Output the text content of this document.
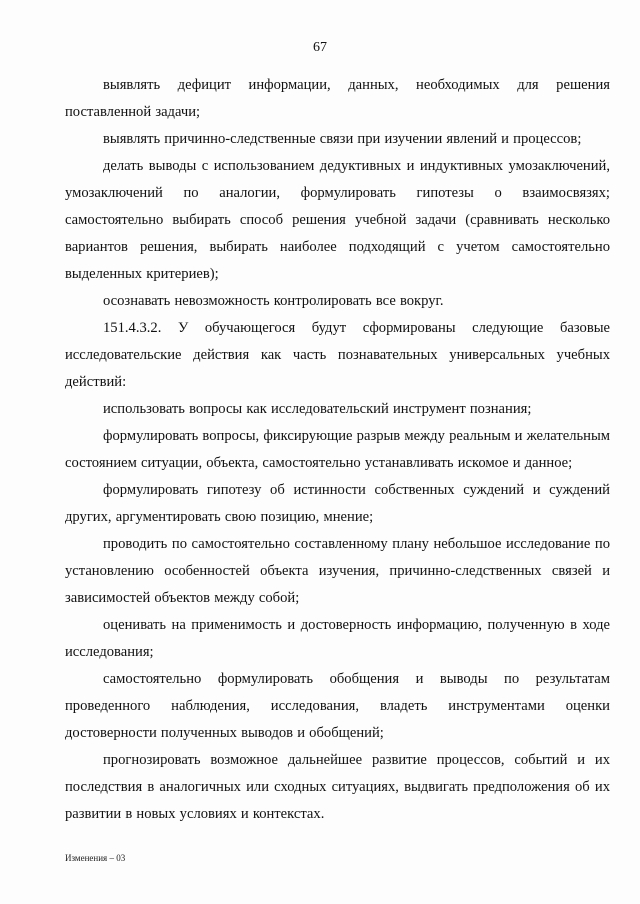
67

выявлять дефицит информации, данных, необходимых для решения поставленной задачи;

выявлять причинно-следственные связи при изучении явлений и процессов;

делать выводы с использованием дедуктивных и индуктивных умозаключений, умозаключений по аналогии, формулировать гипотезы о взаимосвязях; самостоятельно выбирать способ решения учебной задачи (сравнивать несколько вариантов решения, выбирать наиболее подходящий с учетом самостоятельно выделенных критериев);

осознавать невозможность контролировать все вокруг.

151.4.3.2. У обучающегося будут сформированы следующие базовые исследовательские действия как часть познавательных универсальных учебных действий:

использовать вопросы как исследовательский инструмент познания;

формулировать вопросы, фиксирующие разрыв между реальным и желательным состоянием ситуации, объекта, самостоятельно устанавливать искомое и данное;

формулировать гипотезу об истинности собственных суждений и суждений других, аргументировать свою позицию, мнение;

проводить по самостоятельно составленному плану небольшое исследование по установлению особенностей объекта изучения, причинно-следственных связей и зависимостей объектов между собой;

оценивать на применимость и достоверность информацию, полученную в ходе исследования;

самостоятельно формулировать обобщения и выводы по результатам проведенного наблюдения, исследования, владеть инструментами оценки достоверности полученных выводов и обобщений;

прогнозировать возможное дальнейшее развитие процессов, событий и их последствия в аналогичных или сходных ситуациях, выдвигать предположения об их развитии в новых условиях и контекстах.

Изменения – 03
